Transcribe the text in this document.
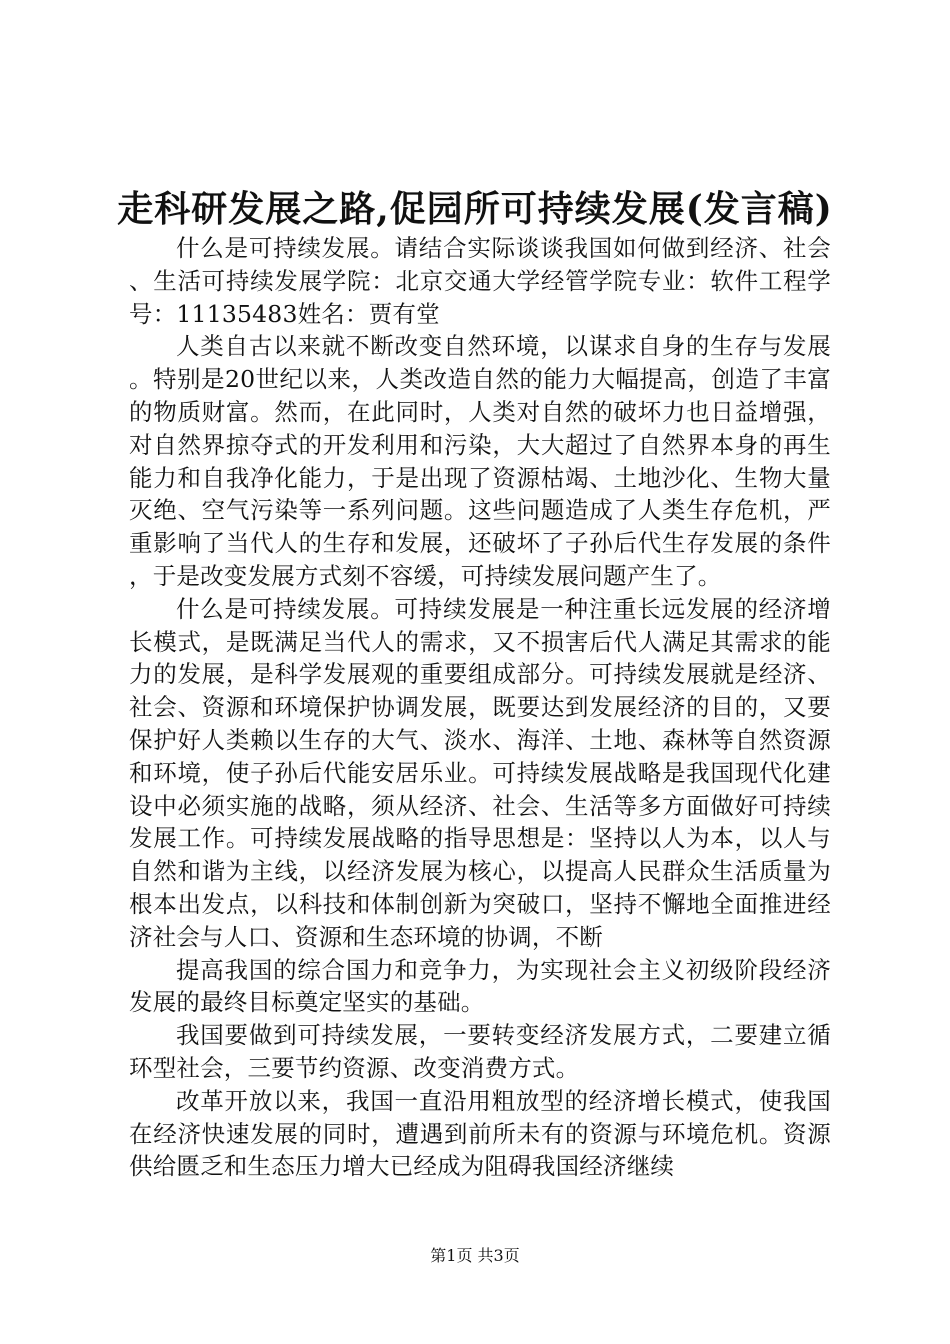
走科研发展之路,促园所可持续发展(发言稿)

什么是可持续发展。请结合实际谈谈我国如何做到经济、社会、生活可持续发展学院：北京交通大学经管学院专业：软件工程学号：11135483姓名：贾有堂

人类自古以来就不断改变自然环境，以谋求自身的生存与发展。特别是20世纪以来，人类改造自然的能力大幅提高，创造了丰富的物质财富。然而，在此同时，人类对自然的破坏力也日益增强，对自然界掠夺式的开发利用和污染，大大超过了自然界本身的再生能力和自我净化能力，于是出现了资源枯竭、土地沙化、生物大量灭绝、空气污染等一系列问题。这些问题造成了人类生存危机，严重影响了当代人的生存和发展，还破坏了子孙后代生存发展的条件，于是改变发展方式刻不容缓，可持续发展问题产生了。

什么是可持续发展。可持续发展是一种注重长远发展的经济增长模式，是既满足当代人的需求，又不损害后代人满足其需求的能力的发展，是科学发展观的重要组成部分。可持续发展就是经济、社会、资源和环境保护协调发展，既要达到发展经济的目的，又要保护好人类赖以生存的大气、淡水、海洋、土地、森林等自然资源和环境，使子孙后代能安居乐业。可持续发展战略是我国现代化建设中必须实施的战略，须从经济、社会、生活等多方面做好可持续发展工作。可持续发展战略的指导思想是：坚持以人为本，以人与自然和谐为主线，以经济发展为核心，以提高人民群众生活质量为根本出发点，以科技和体制创新为突破口，坚持不懈地全面推进经济社会与人口、资源和生态环境的协调，不断

提高我国的综合国力和竞争力，为实现社会主义初级阶段经济发展的最终目标奠定坚实的基础。

我国要做到可持续发展，一要转变经济发展方式，二要建立循环型社会，三要节约资源、改变消费方式。

改革开放以来，我国一直沿用粗放型的经济增长模式，使我国在经济快速发展的同时，遭遇到前所未有的资源与环境危机。资源供给匮乏和生态压力增大已经成为阻碍我国经济继续

第1页 共3页
